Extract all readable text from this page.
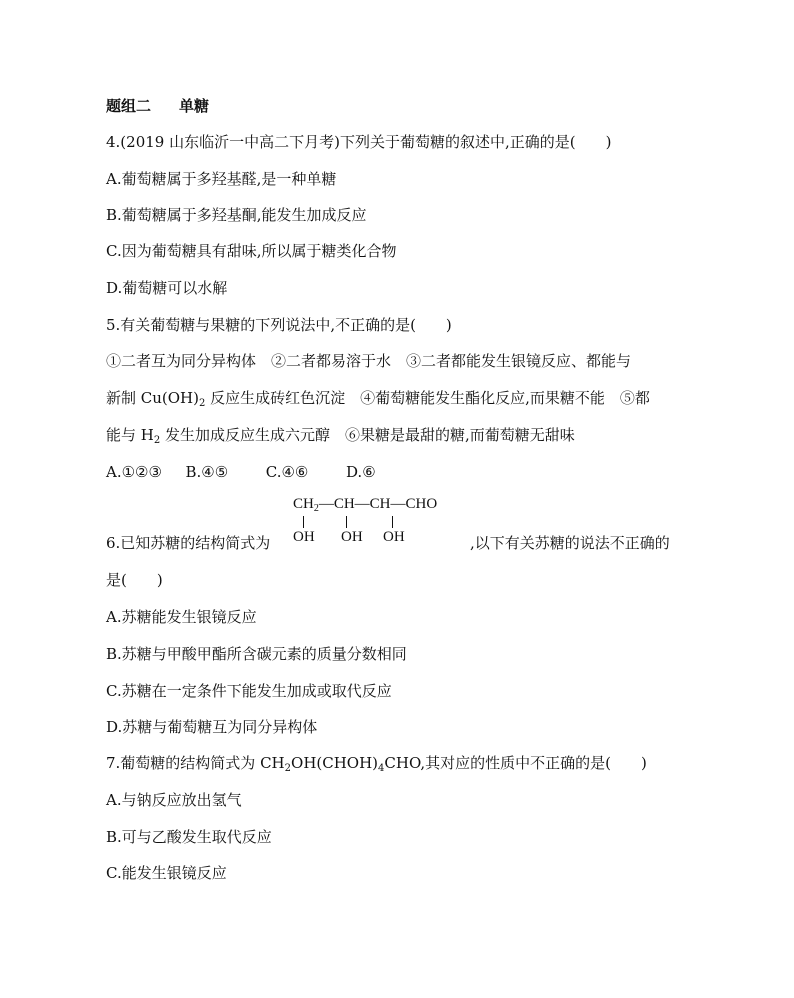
题组二 单糖
4.(2019 山东临沂一中高二下月考)下列关于葡萄糖的叙述中,正确的是(　　)
A.葡萄糖属于多羟基醛,是一种单糖
B.葡萄糖属于多羟基酮,能发生加成反应
C.因为葡萄糖具有甜味,所以属于糖类化合物
D.葡萄糖可以水解
5.有关葡萄糖与果糖的下列说法中,不正确的是(　　)
①二者互为同分异构体　②二者都易溶于水　③二者都能发生银镜反应、都能与
新制 $Cu(OH)_2$ 反应生成砖红色沉淀　④葡萄糖能发生酯化反应,而果糖不能　⑤都
能与 $H_2$ 发生加成反应生成六元醇　⑥果糖是最甜的糖,而葡萄糖无甜味
A.①②③ B.④⑤	C.④⑥	D.⑥
6.已知苏糖的结构简式为
$CH_2—CH—CH—CHO$
OH OH OH	,以下有关苏糖的说法不正确的
是(　　)
A.苏糖能发生银镜反应
B.苏糖与甲酸甲酯所含碳元素的质量分数相同
C.苏糖在一定条件下能发生加成或取代反应
D.苏糖与葡萄糖互为同分异构体
7.葡萄糖的结构简式为 $CH_2OH(CHOH)_4CHO$,其对应的性质中不正确的是(　　)
A.与钠反应放出氢气
B.可与乙酸发生取代反应
C.能发生银镜反应
